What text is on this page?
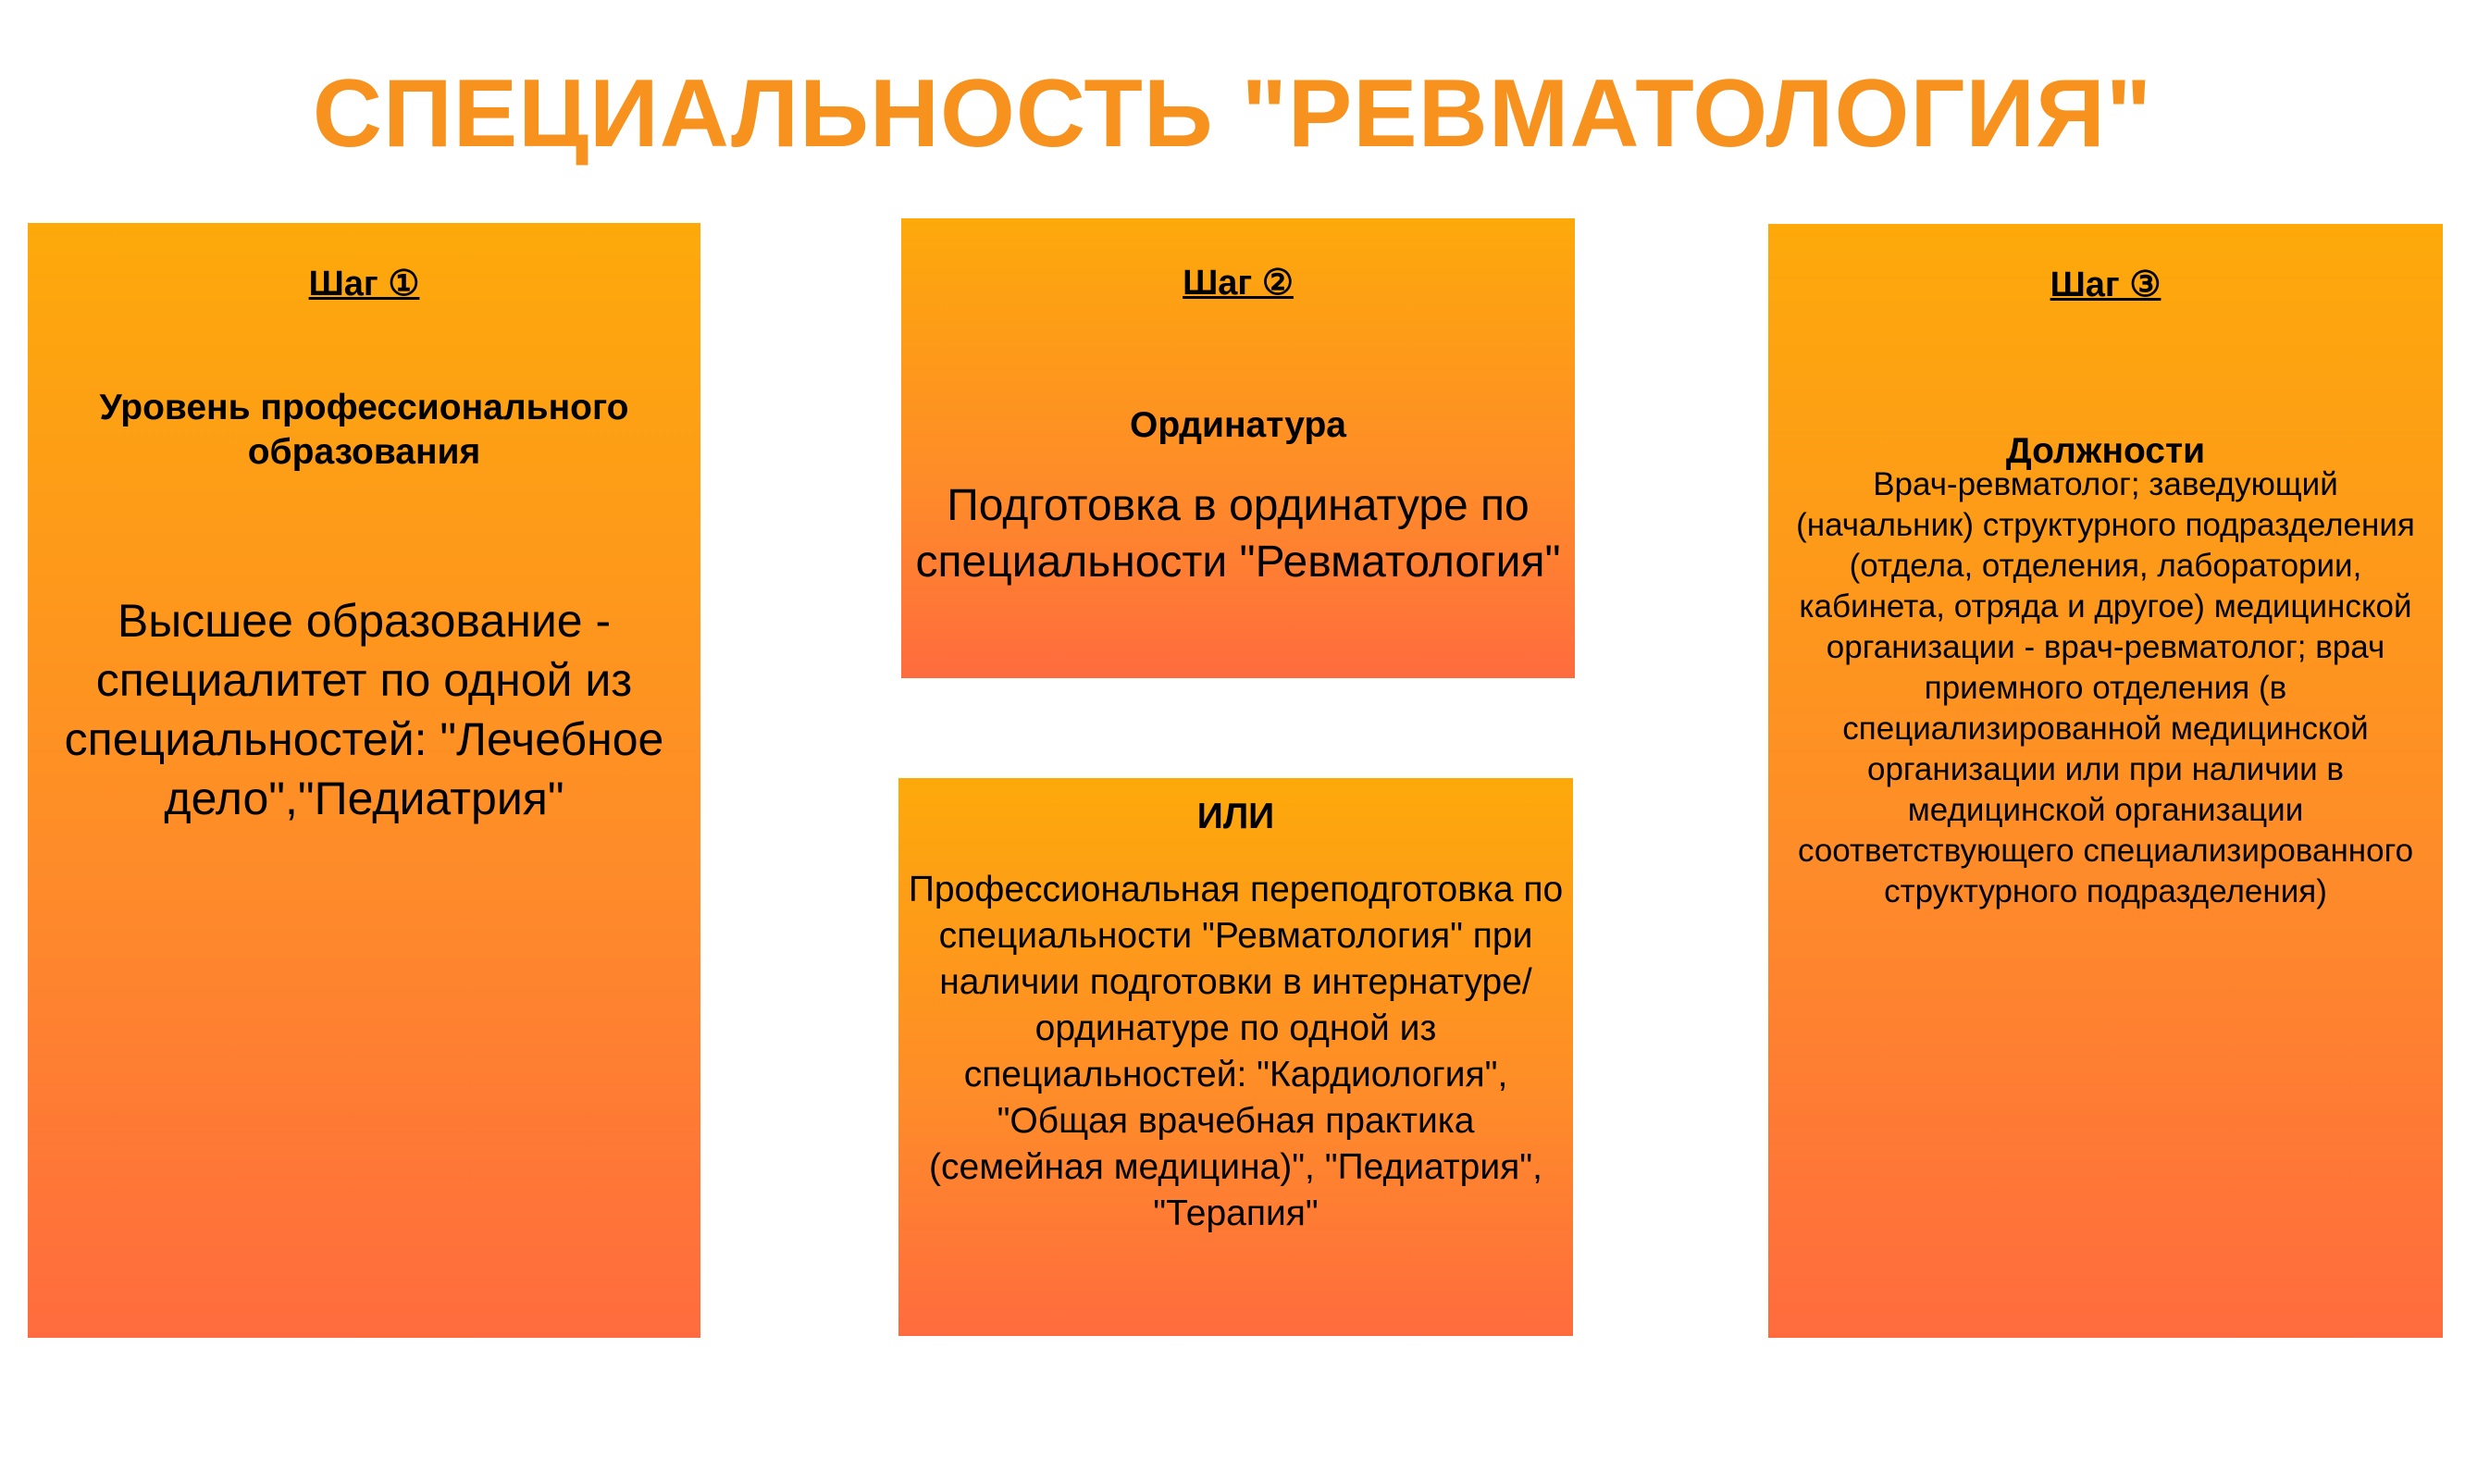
СПЕЦИАЛЬНОСТЬ "РЕВМАТОЛОГИЯ"
Шаг ①
Уровень профессионального образования
Высшее образование - специалитет по одной из специальностей: "Лечебное дело","Педиатрия"
Шаг ②
Ординатура
Подготовка в ординатуре по специальности "Ревматология"
ИЛИ
Профессиональная переподготовка по специальности "Ревматология" при наличии подготовки в интернатуре/ординатуре по одной из специальностей: "Кардиология", "Общая врачебная практика (семейная медицина)", "Педиатрия", "Терапия"
Шаг ③
Должности
Врач-ревматолог; заведующий (начальник) структурного подразделения (отдела, отделения, лаборатории, кабинета, отряда и другое) медицинской организации - врач-ревматолог; врач приемного отделения (в специализированной медицинской организации или при наличии в медицинской организации соответствующего специализированного структурного подразделения)
